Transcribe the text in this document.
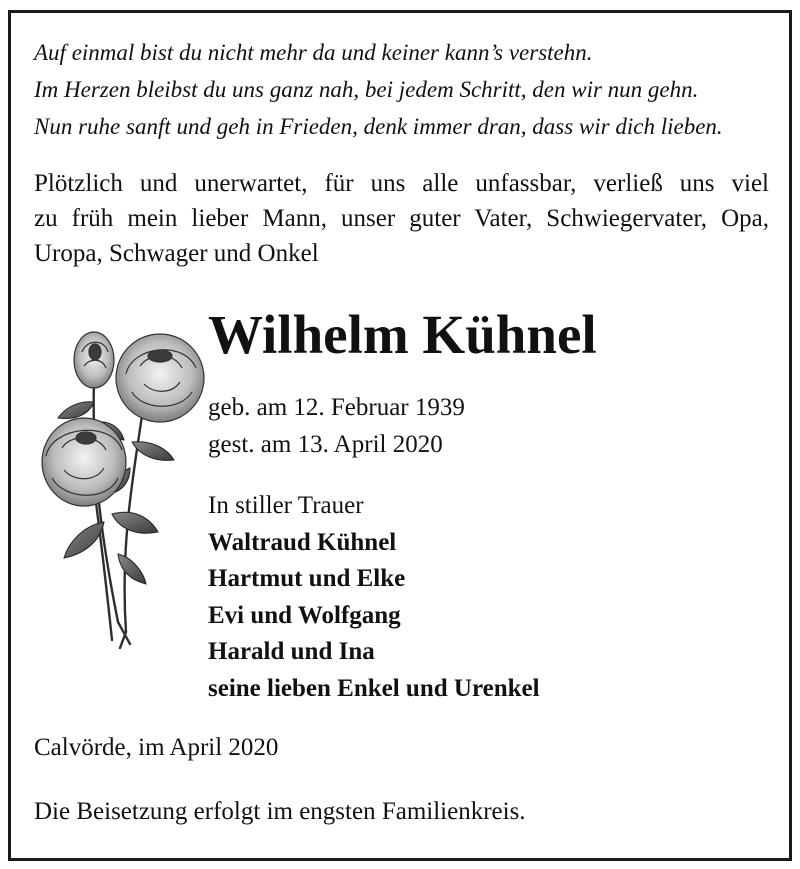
Auf einmal bist du nicht mehr da und keiner kann’s verstehn.
Im Herzen bleibst du uns ganz nah, bei jedem Schritt, den wir nun gehn.
Nun ruhe sanft und geh in Frieden, denk immer dran, dass wir dich lieben.
Plötzlich und unerwartet, für uns alle unfassbar, verließ uns viel
zu früh mein lieber Mann, unser guter Vater, Schwiegervater, Opa,
Uropa, Schwager und Onkel
Wilhelm Kühnel
geb. am 12. Februar 1939
gest. am 13. April 2020
In stiller Trauer
Waltraud Kühnel
Hartmut und Elke
Evi und Wolfgang
Harald und Ina
seine lieben Enkel und Urenkel
Calvörde, im April 2020
Die Beisetzung erfolgt im engsten Familienkreis.
